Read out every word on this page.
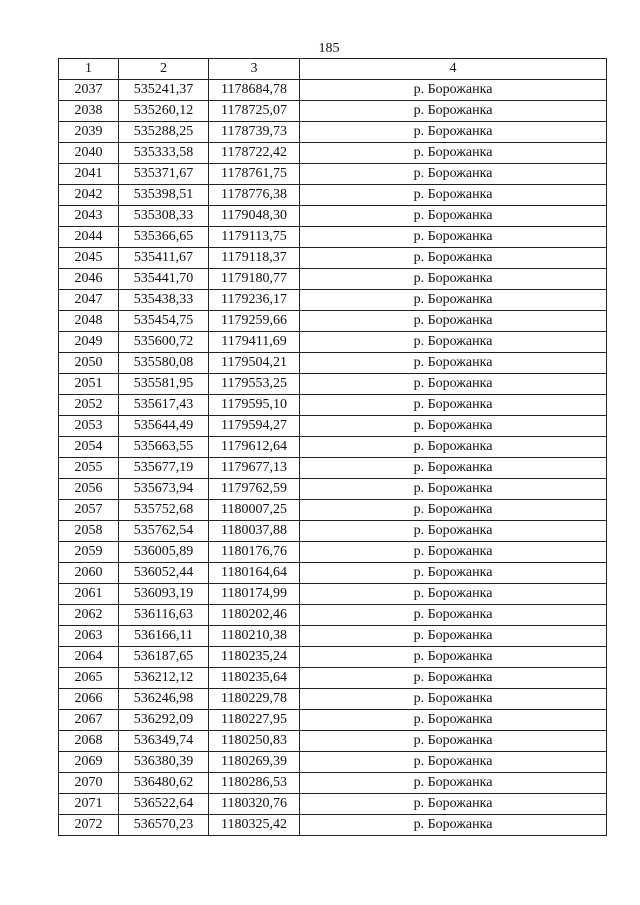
185
1	2	3	4
2037	535241,37	1178684,78	р. Борожанка
2038	535260,12	1178725,07	р. Борожанка
2039	535288,25	1178739,73	р. Борожанка
2040	535333,58	1178722,42	р. Борожанка
2041	535371,67	1178761,75	р. Борожанка
2042	535398,51	1178776,38	р. Борожанка
2043	535308,33	1179048,30	р. Борожанка
2044	535366,65	1179113,75	р. Борожанка
2045	535411,67	1179118,37	р. Борожанка
2046	535441,70	1179180,77	р. Борожанка
2047	535438,33	1179236,17	р. Борожанка
2048	535454,75	1179259,66	р. Борожанка
2049	535600,72	1179411,69	р. Борожанка
2050	535580,08	1179504,21	р. Борожанка
2051	535581,95	1179553,25	р. Борожанка
2052	535617,43	1179595,10	р. Борожанка
2053	535644,49	1179594,27	р. Борожанка
2054	535663,55	1179612,64	р. Борожанка
2055	535677,19	1179677,13	р. Борожанка
2056	535673,94	1179762,59	р. Борожанка
2057	535752,68	1180007,25	р. Борожанка
2058	535762,54	1180037,88	р. Борожанка
2059	536005,89	1180176,76	р. Борожанка
2060	536052,44	1180164,64	р. Борожанка
2061	536093,19	1180174,99	р. Борожанка
2062	536116,63	1180202,46	р. Борожанка
2063	536166,11	1180210,38	р. Борожанка
2064	536187,65	1180235,24	р. Борожанка
2065	536212,12	1180235,64	р. Борожанка
2066	536246,98	1180229,78	р. Борожанка
2067	536292,09	1180227,95	р. Борожанка
2068	536349,74	1180250,83	р. Борожанка
2069	536380,39	1180269,39	р. Борожанка
2070	536480,62	1180286,53	р. Борожанка
2071	536522,64	1180320,76	р. Борожанка
2072	536570,23	1180325,42	р. Борожанка
